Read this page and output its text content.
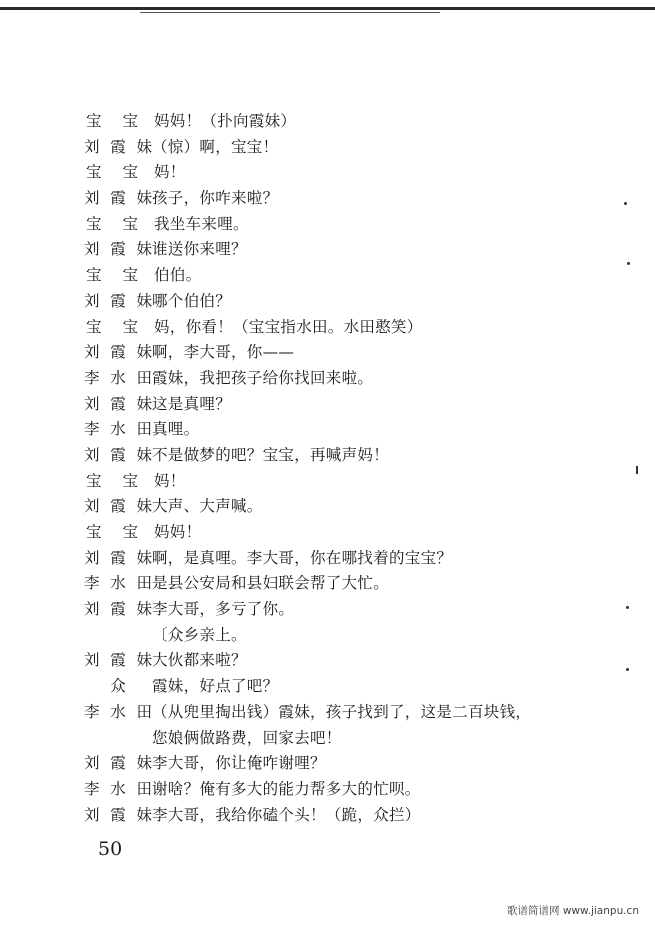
宝　宝 妈妈！（扑向霞妹）
刘霞妹 （惊）啊，宝宝！
宝　宝 妈！
刘霞妹 孩子，你咋来啦？
宝　宝 我坐车来哩。
刘霞妹 谁送你来哩？
宝　宝 伯伯。
刘霞妹 哪个伯伯？
宝　宝 妈，你看！（宝宝指水田。水田憨笑）
刘霞妹 啊，李大哥，你——
李水田 霞妹，我把孩子给你找回来啦。
刘霞妹 这是真哩？
李水田 真哩。
刘霞妹 不是做梦的吧？宝宝，再喊声妈！
宝　宝 妈！
刘霞妹 大声、大声喊。
宝　宝 妈妈！
刘霞妹 啊，是真哩。李大哥，你在哪找着的宝宝？
李水田 是县公安局和县妇联会帮了大忙。
刘霞妹 李大哥，多亏了你。
〔众乡亲上。
刘霞妹 大伙都来啦？
众	霞妹，好点了吧？
李水田 （从兜里掏出钱）霞妹，孩子找到了，这是二百块钱，
您娘俩做路费，回家去吧！
刘霞妹 李大哥，你让俺咋谢哩？
李水田 谢啥？俺有多大的能力帮多大的忙呗。
刘霞妹 李大哥，我给你磕个头！（跪，众拦）
50
歌谱简谱网 www.jianpu.cn
